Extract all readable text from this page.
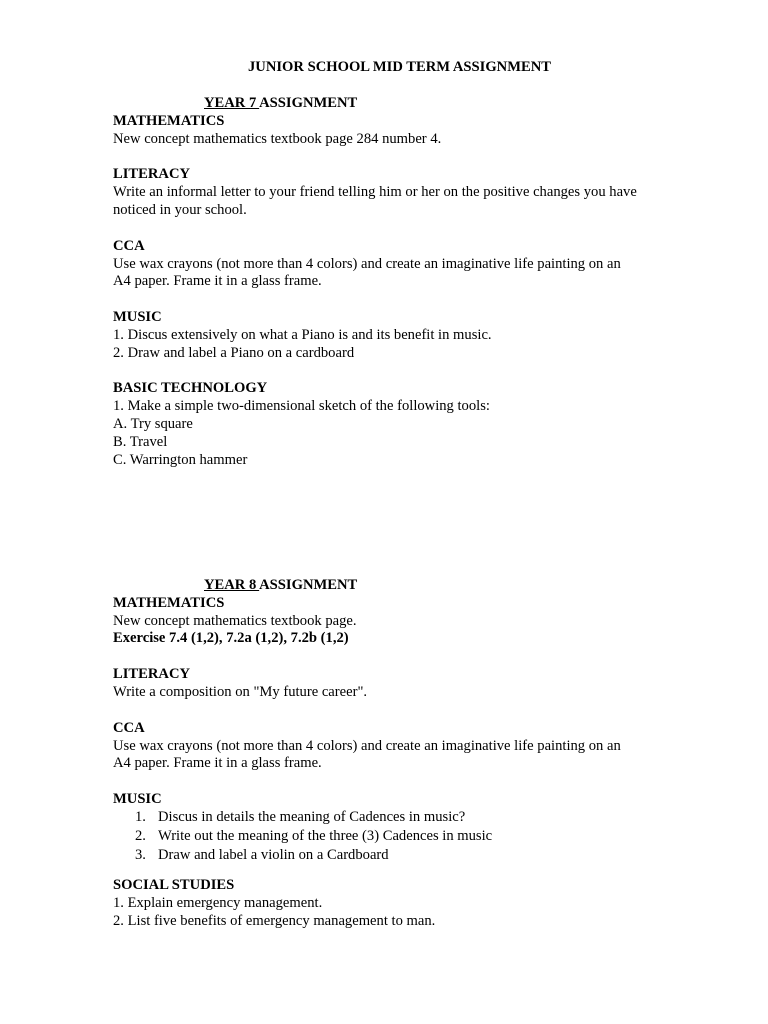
JUNIOR SCHOOL MID TERM ASSIGNMENT
YEAR 7 ASSIGNMENT
MATHEMATICS
New concept mathematics textbook page 284 number 4.
LITERACY
Write an informal letter to your friend telling him or her on the positive changes you have
noticed in your school.
CCA
Use wax crayons (not more than 4 colors) and create an imaginative life painting on an
A4 paper. Frame it in a glass frame.
MUSIC
1. Discus extensively on what a Piano is and its benefit in music.
2. Draw and label a Piano on a cardboard
BASIC TECHNOLOGY
1. Make a simple two-dimensional sketch of the following tools:
A. Try square
B. Travel
C. Warrington hammer
YEAR 8 ASSIGNMENT
MATHEMATICS
New concept mathematics textbook page.
Exercise 7.4 (1,2), 7.2a (1,2), 7.2b (1,2)
LITERACY
Write a composition on "My future career".
CCA
Use wax crayons (not more than 4 colors) and create an imaginative life painting on an
A4 paper. Frame it in a glass frame.
MUSIC
1. Discus in details the meaning of Cadences in music?
2. Write out the meaning of the three (3) Cadences in music
3. Draw and label a violin on a Cardboard
SOCIAL STUDIES
1. Explain emergency management.
2. List five benefits of emergency management to man.
